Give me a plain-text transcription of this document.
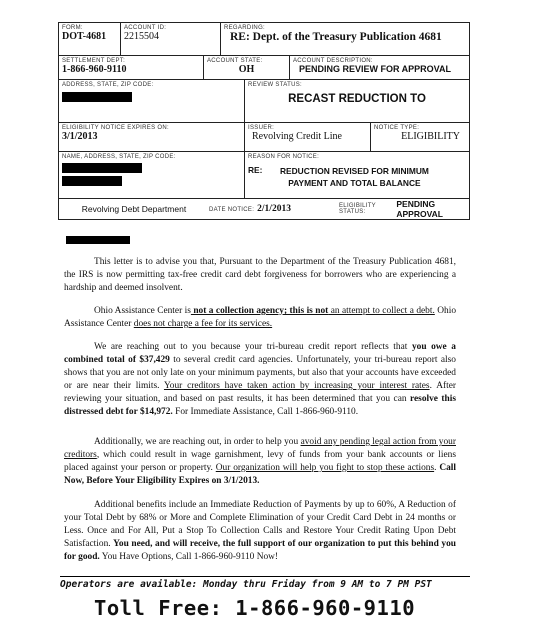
FORM:
DOT-4681
ACCOUNT ID:
2215504
REGARDING:
RE: Dept. of the Treasury Publication 4681
SETTLEMENT DEPT:
1-866-960-9110
ACCOUNT STATE:
OH
ACCOUNT DESCRIPTION:
PENDING REVIEW FOR APPROVAL
ADDRESS, STATE, ZIP CODE:	REVIEW STATUS:
RECAST REDUCTION TO
ELIGIBILITY NOTICE EXPIRES ON:
3/1/2013
ISSUER:
Revolving Credit Line
NOTICE TYPE:
ELIGIBILITY
NAME, ADDRESS, STATE, ZIP CODE:	REASON FOR NOTICE:
RE:	REDUCTION REVISED FOR MINIMUM
PAYMENT AND TOTAL BALANCE
Revolving Debt Department	DATE NOTICE: 2/1/2013	ELIGIBILITY STATUS:
PENDING APPROVAL

This letter is to advise you that, Pursuant to the Department of the Treasury Publication 4681, the IRS is now permitting tax-free credit card debt forgiveness for borrowers who are experiencing a hardship and deemed insolvent.

Ohio Assistance Center is not a collection agency; this is not an attempt to collect a debt. Ohio Assistance Center does not charge a fee for its services.

We are reaching out to you because your tri-bureau credit report reflects that you owe a combined total of $37,429 to several credit card agencies. Unfortunately, your tri-bureau report also shows that you are not only late on your minimum payments, but also that your accounts have exceeded or are near their limits. Your creditors have taken action by increasing your interest rates. After reviewing your situation, and based on past results, it has been determined that you can resolve this distressed debt for $14,972. For Immediate Assistance, Call 1-866-960-9110.

Additionally, we are reaching out, in order to help you avoid any pending legal action from your creditors, which could result in wage garnishment, levy of funds from your bank accounts or liens placed against your person or property. Our organization will help you fight to stop these actions. Call Now, Before Your Eligibility Expires on 3/1/2013.

Additional benefits include an Immediate Reduction of Payments by up to 60%, A Reduction of your Total Debt by 68% or More and Complete Elimination of your Credit Card Debt in 24 months or Less. Once and For All, Put a Stop To Collection Calls and Restore Your Credit Rating Upon Debt Satisfaction. You need, and will receive, the full support of our organization to put this behind you for good. You Have Options, Call 1-866-960-9110 Now!

Operators are available: Monday thru Friday from 9 AM to 7 PM PST
Toll Free: 1-866-960-9110
